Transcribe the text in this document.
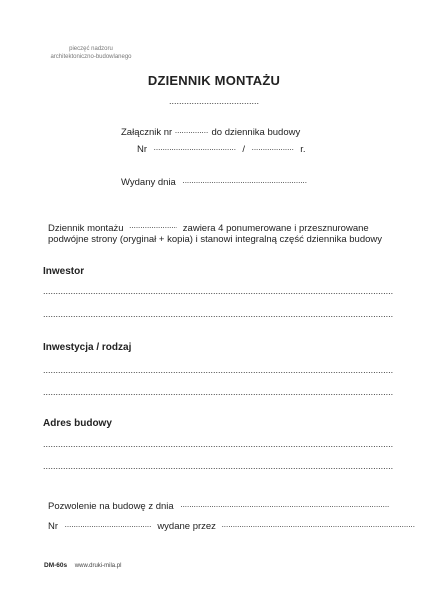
pieczęć nadzoru
architektoniczno-budowlanego
DZIENNIK MONTAŻU
.....
Załącznik nr .....	do dziennika budowy
Nr .....	/ .....	r.
Wydany dnia .....
Dziennik montażu .....	zawiera 4 ponumerowane i przesznurowane
podwójne strony (oryginał + kopia) i stanowi integralną część dziennika budowy
Inwestor
.....
.....
Inwestycja / rodzaj
.....
.....
Adres budowy
.....
.....
Pozwolenie na budowę z dnia .....
Nr .....	wydane przez .....
DM-60s www.druki-mila.pl
